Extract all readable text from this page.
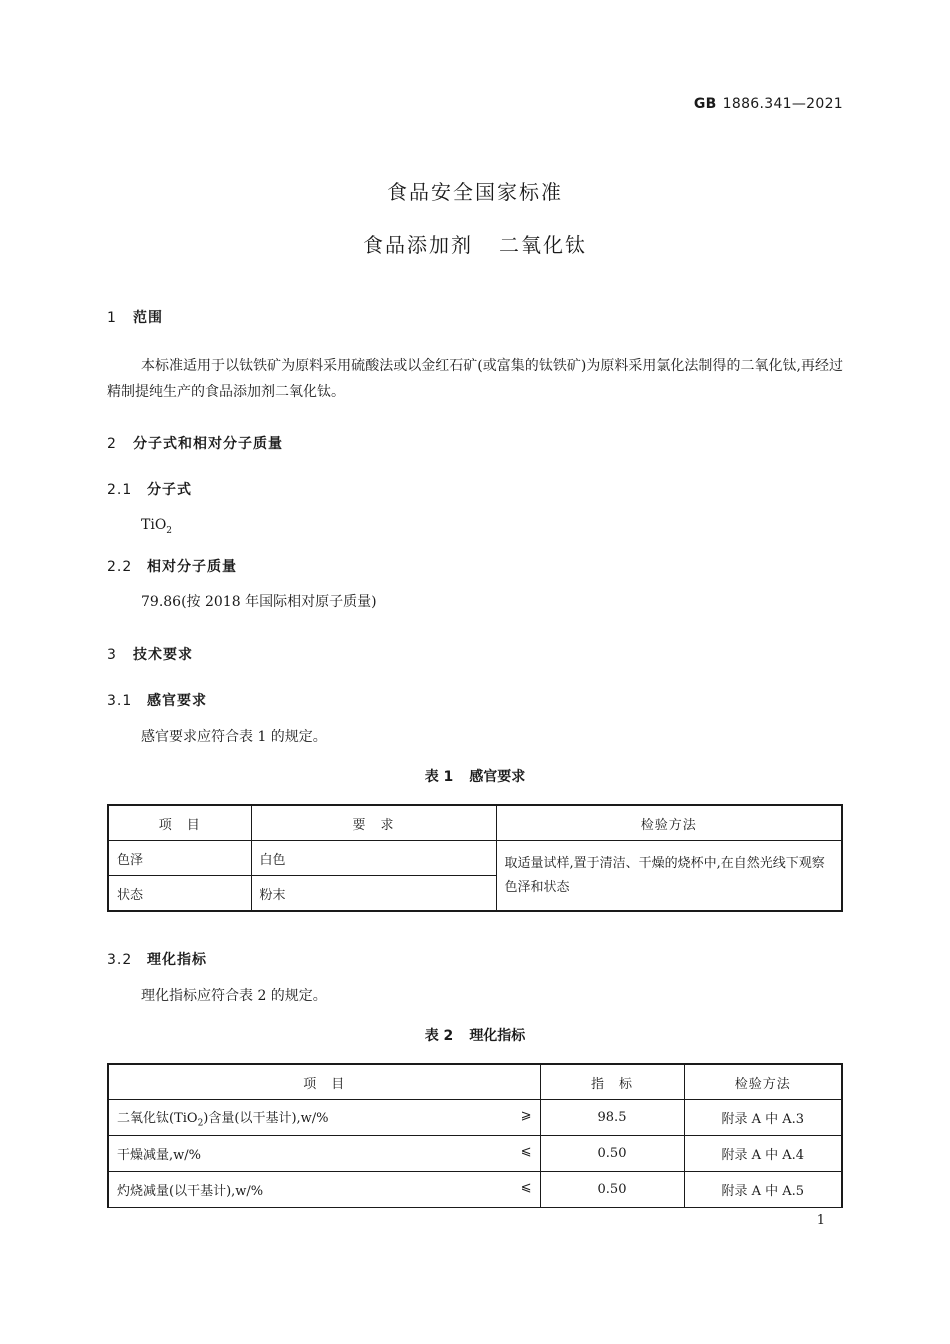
GB 1886.341—2021
食品安全国家标准
食品添加剂 二氧化钛
1 范围
本标准适用于以钛铁矿为原料采用硫酸法或以金红石矿(或富集的钛铁矿)为原料采用氯化法制得的二氧化钛,再经过精制提纯生产的食品添加剂二氧化钛。
2 分子式和相对分子质量
2.1 分子式
TiO$_2$
2.2 相对分子质量
79.86(按 2018 年国际相对原子质量)
3 技术要求
3.1 感官要求
感官要求应符合表 1 的规定。
表 1 感官要求
项　目	要　求	检验方法
色泽	白色	取适量试样,置于清洁、干燥的烧杯中,在自然光线下观察色泽和状态
状态	粉末	
3.2 理化指标
理化指标应符合表 2 的规定。
表 2 理化指标
项　目	指　标	检验方法
二氧化钛(TiO$_2$)含量(以干基计),w/% ⩾	98.5	附录 A 中 A.3
干燥减量,w/% ⩽	0.50	附录 A 中 A.4
灼烧减量(以干基计),w/% ⩽	0.50	附录 A 中 A.5
1
